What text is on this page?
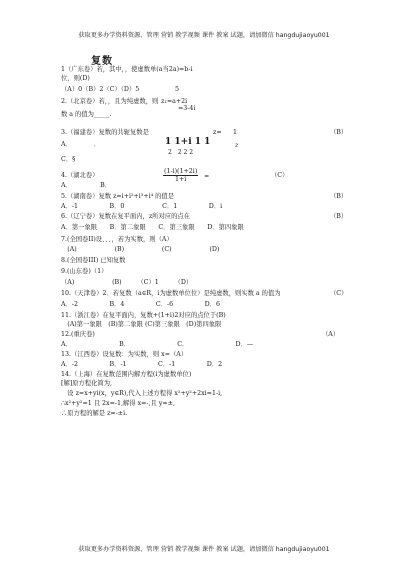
获取更多办学资料资源，管理 营销 教学视频 课件 教案 试题，请加微信 hangdujiaoyu001
复数
1（广东卷）若，其中，，使虚数单(a当2a)=b-i
位，则(D)
（A）0（B）2（C）（D）5
2.（北京卷）若，，且为纯虚数，则
数 a 的值为_____.
3.（福建卷）复数的共轭复数是
A．　　　　．
C．§
4.（湖北卷）
A．　　　　　B．
5.（湖南卷）复数 z=i+i²+i³+i⁴ 的值是
A．-1　　　　　B．0　　　　　　C．1　　　　　D．i
6.（辽宁卷）复数在复平面内，z所对应的点在
A．第一象限　　B．第二象限　　C．第三象限　　D．第四象限
7.(全国卷II)设、、、，若为实数，则（A）
　(A)　　　　　　(B)　　　　　　(C)　　　　　　(D)
8.(全国卷III) 已知复数
9.(山东卷)（1）
（A)　　　　　　(B)　　　（C）1　　　（D）
10.（天津卷）2．若复数（a∈R，i为虚数单位位）是纯虚数，则实数 a 的值为
A．-2　　　　　B．4　　　　　C．-6　　　　　D．6
11.（浙江卷）在复平面内，复数+(1+i)2对应的点位于(B)
　(A)第一象限　(B)第二象限 (C)第三象限　(D)第四象限
12.(重庆卷)
A．　　　　　　　　B．　　　　　　　　C．　　　　　　　　D．—
13.（江西卷）设复数：为实数，则 x=（A）
A．-2　　　　　B．-1　　　　　C．-1　　　　　D．2
14.（上海）在复数范围内解方程(i为虚数单位)
[解]原方程化简为,
　设 z=x+yi(x，y∈R),代入上述方程得 x²+y²+2xi=1-i,
∴x²+y²=1 且 2x=-1,解得 x=-,且 y=±,
∴原方程的解是 z=-±i.
（B）
（C）
（B）
（B）
（C）
（A）
5
z₁=a+2i
=3-4i
z= 1
1 1+i 1 1
2　2 2 2
z
$\frac{(1-i)(1+2i)}{1+i}$ =
获取更多办学资料资源，管理 营销 教学视频 课件 教案 试题，请加微信 hangdujiaoyu001
